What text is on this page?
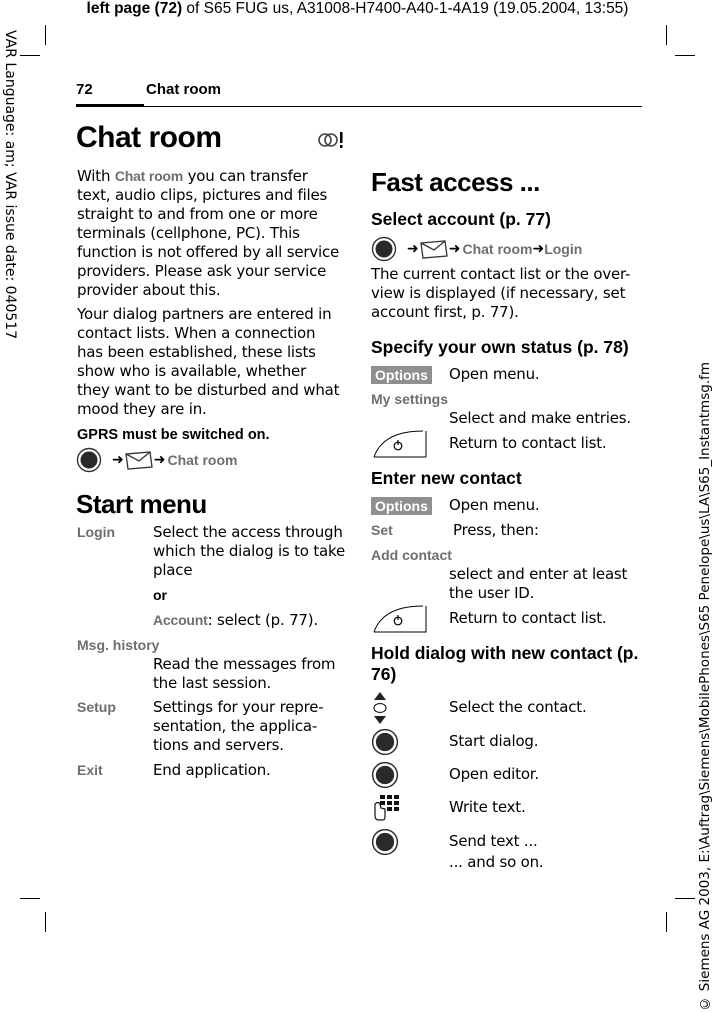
left page (72) of S65 FUG us, A31008-H7400-A40-1-4A19 (19.05.2004, 13:55)
VAR Language: am; VAR issue date: 040517
© Siemens AG 2003, E:\Auftrag\Siemens\MobilePhones\S65 Penelope\us\LA\S65_Instantmsg.fm
72	Chat room
Chat room
With Chat room you can transfer text, audio clips, pictures and files straight to and from one or more terminals (cellphone, PC). This function is not offered by all service providers. Please ask your service provider about this.
Your dialog partners are entered in contact lists. When a connection has been established, these lists show who is available, whether they want to be disturbed and what mood they are in.
GPRS must be switched on.
➜ ➜ Chat room
Start menu
Login	Select the access through which the dialog is to take place
or
Account: select (p. 77).
Msg. history
Read the messages from the last session.
Setup Settings for your repre-sentation, the applica-tions and servers.
Exit	End application.
Fast access ...
Select account (p. 77)
➜ ➜ Chat room ➜ Login
The current contact list or the over-view is displayed (if necessary, set account first, p. 77).
Specify your own status (p. 78)
Options Open menu.
My settings
Select and make entries.
Return to contact list.
Enter new contact
Options Open menu.
Set	Press, then:
Add contact
select and enter at least the user ID.
Return to contact list.
Hold dialog with new contact (p. 76)
Select the contact.
Start dialog.
Open editor.
Write text.
Send text ...
... and so on.
